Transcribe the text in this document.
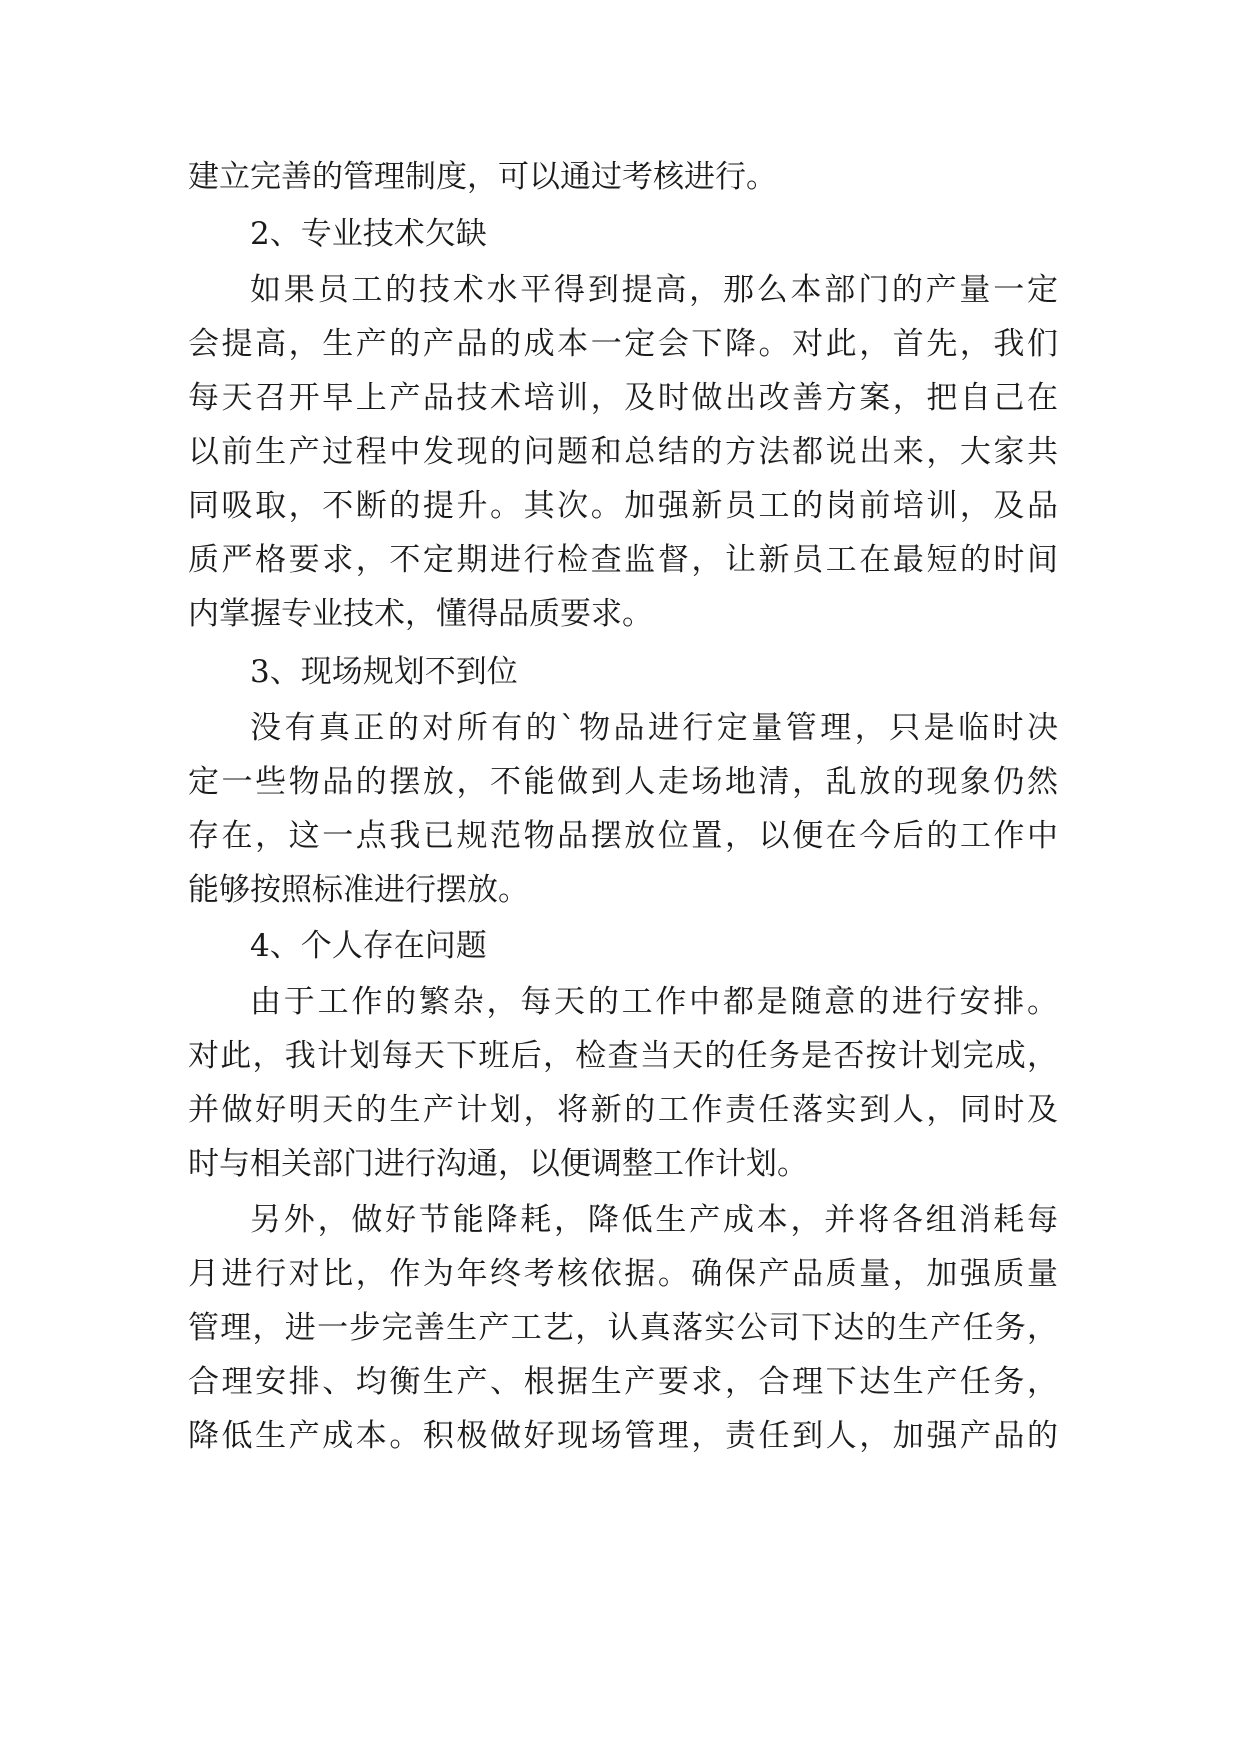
建立完善的管理制度，可以通过考核进行。
2、专业技术欠缺
如果员工的技术水平得到提高，那么本部门的产量一定
会提高，生产的产品的成本一定会下降。对此，首先，我们
每天召开早上产品技术培训，及时做出改善方案，把自己在
以前生产过程中发现的问题和总结的方法都说出来，大家共
同吸取，不断的提升。其次。加强新员工的岗前培训，及品
质严格要求，不定期进行检查监督，让新员工在最短的时间
内掌握专业技术，懂得品质要求。
3、现场规划不到位
没有真正的对所有的`物品进行定量管理，只是临时决
定一些物品的摆放，不能做到人走场地清，乱放的现象仍然
存在，这一点我已规范物品摆放位置，以便在今后的工作中
能够按照标准进行摆放。
4、个人存在问题
由于工作的繁杂，每天的工作中都是随意的进行安排。
对此，我计划每天下班后，检查当天的任务是否按计划完成，
并做好明天的生产计划，将新的工作责任落实到人，同时及
时与相关部门进行沟通，以便调整工作计划。
另外，做好节能降耗，降低生产成本，并将各组消耗每
月进行对比，作为年终考核依据。确保产品质量，加强质量
管理，进一步完善生产工艺，认真落实公司下达的生产任务，
合理安排、均衡生产、根据生产要求，合理下达生产任务，
降低生产成本。积极做好现场管理，责任到人，加强产品的
